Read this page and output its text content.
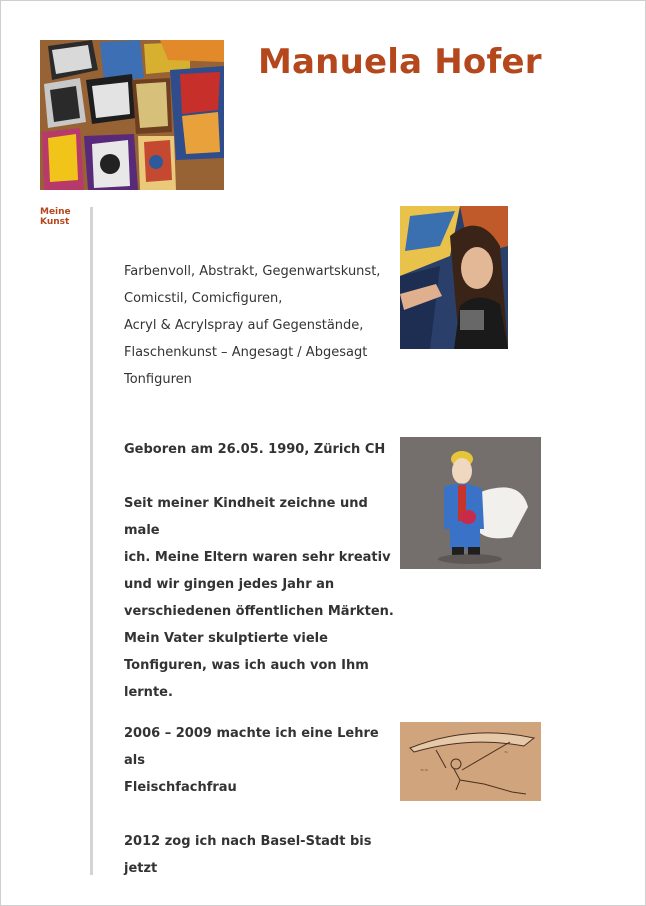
Manuela Hofer
Meine
Kunst

Farbenvoll, Abstrakt, Gegenwartskunst,

Comicstil, Comicfiguren,

Acryl & Acrylspray auf Gegenstände,

Flaschenkunst – Angesagt / Abgesagt

Tonfiguren

Geboren am 26.05. 1990, Zürich CH

Seit meiner Kindheit zeichne und male

ich. Meine Eltern waren sehr kreativ

und wir gingen jedes Jahr an

verschiedenen öffentlichen Märkten.

Mein Vater skulptierte viele

Tonfiguren, was ich auch von Ihm

lernte.

2006 – 2009 machte ich eine Lehre als

Fleischfachfrau

2012 zog ich nach Basel-Stadt bis jetzt

~~
~
